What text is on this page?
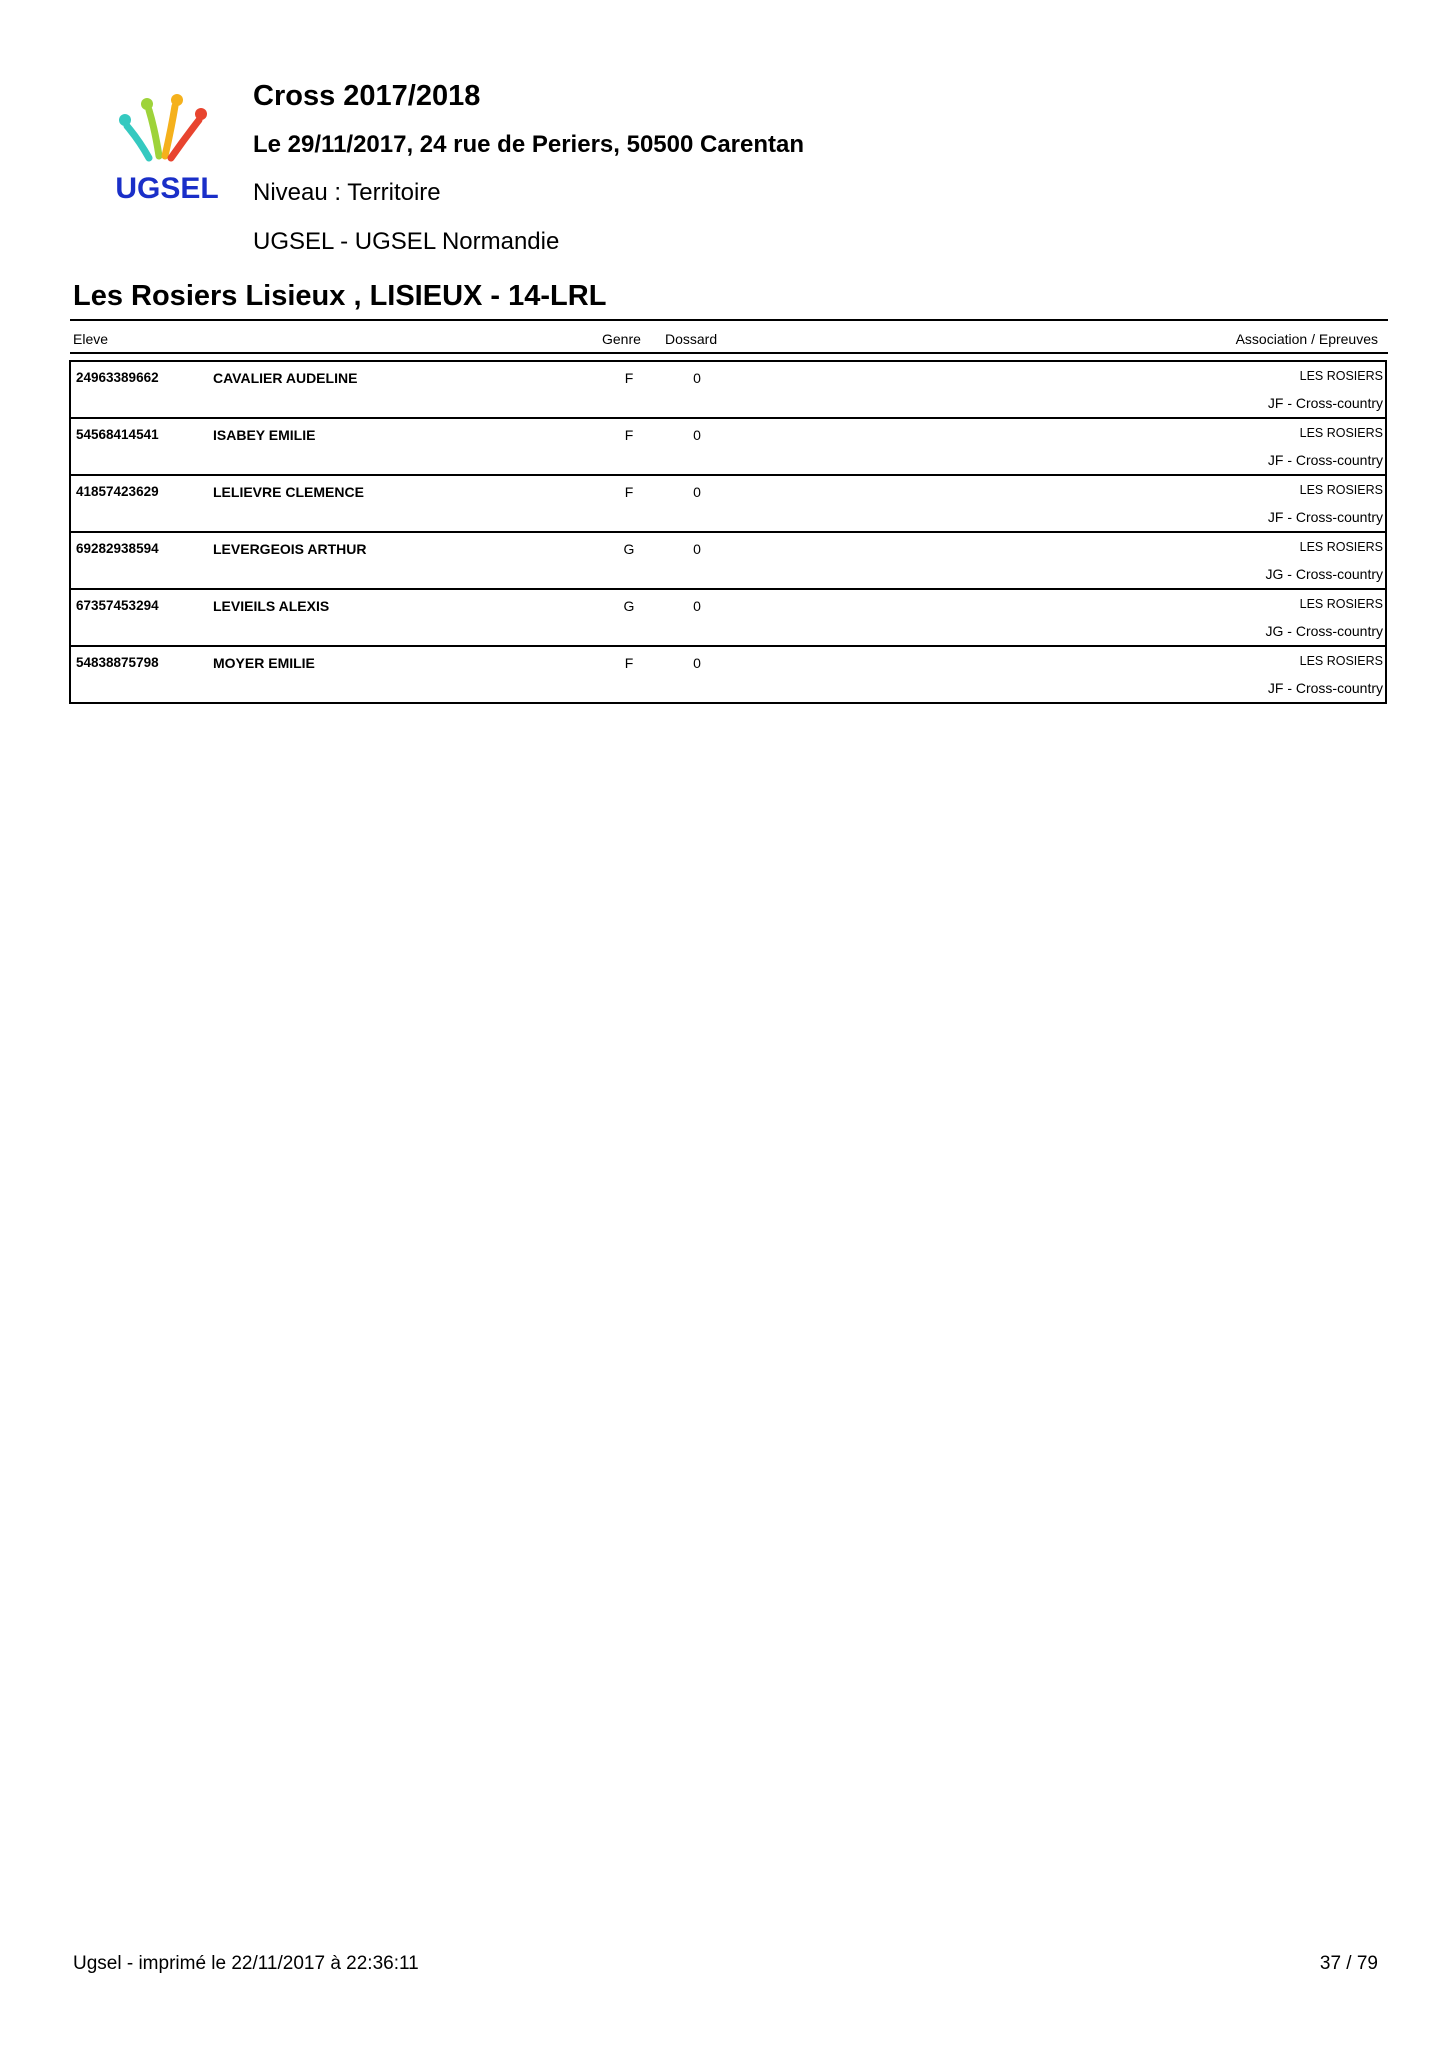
UGSEL
Cross 2017/2018
Le 29/11/2017, 24 rue de Periers, 50500 Carentan
Niveau : Territoire
UGSEL - UGSEL Normandie
Les Rosiers Lisieux , LISIEUX - 14-LRL
Eleve	Genre Dossard	Association / Epreuves
24963389662	CAVALIER AUDELINE	F	0	LES ROSIERS
JF - Cross-country
54568414541	ISABEY EMILIE	F	0	LES ROSIERS
JF - Cross-country
41857423629	LELIEVRE CLEMENCE	F	0	LES ROSIERS
JF - Cross-country
69282938594	LEVERGEOIS ARTHUR	G	0	LES ROSIERS
JG - Cross-country
67357453294	LEVIEILS ALEXIS	G	0	LES ROSIERS
JG - Cross-country
54838875798	MOYER EMILIE	F	0	LES ROSIERS
JF - Cross-country
Ugsel - imprimé le 22/11/2017 à 22:36:11	37 / 79
